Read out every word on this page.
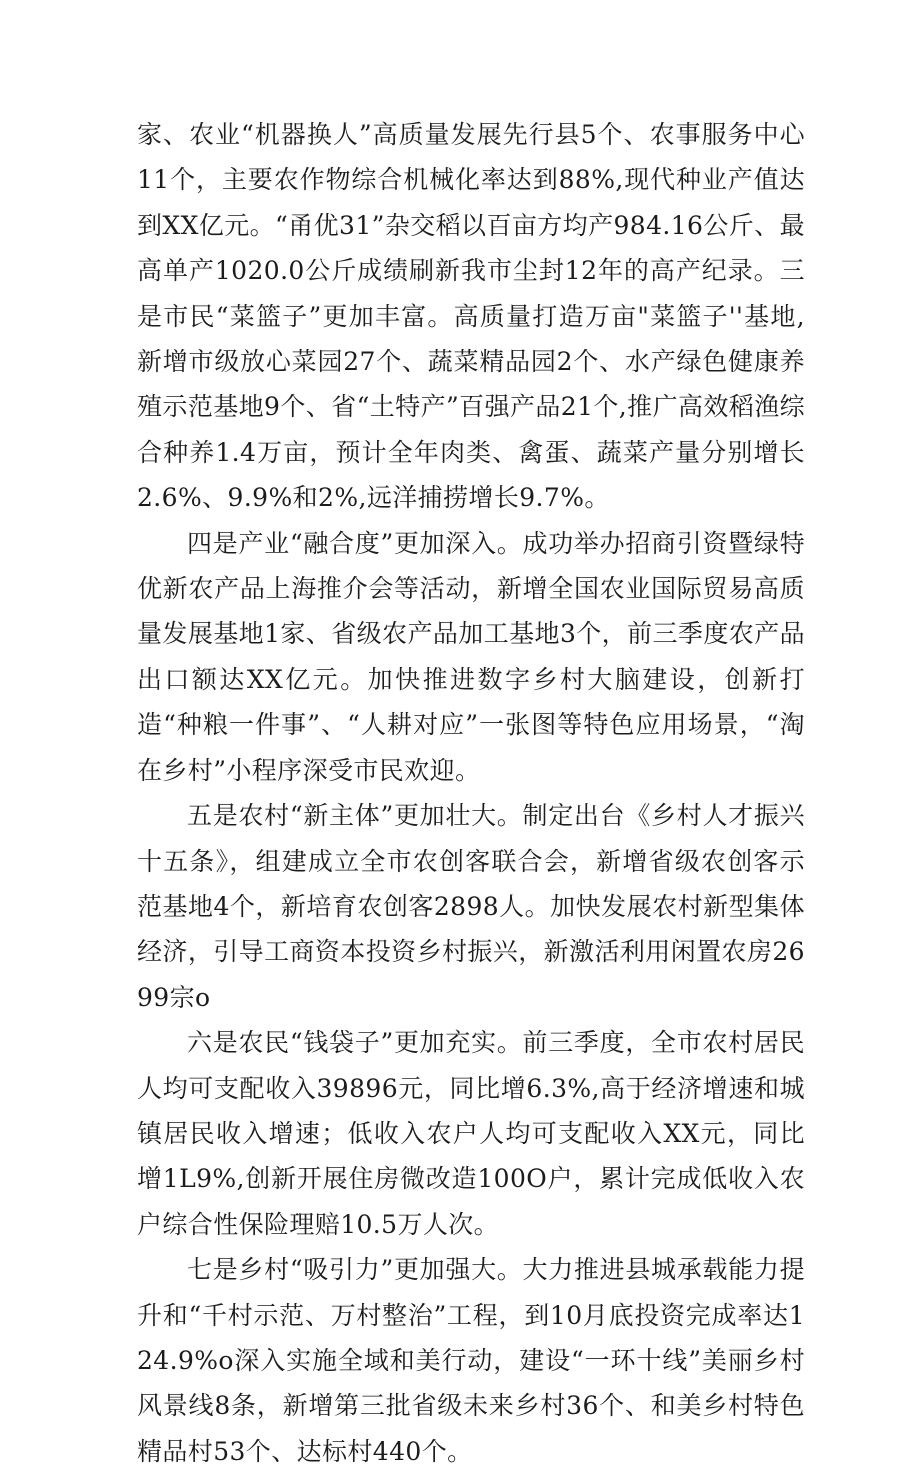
家、农业“机器换人”高质量发展先行县5个、农事服务中心11个，主要农作物综合机械化率达到88%,现代种业产值达到XX亿元。“甬优31”杂交稻以百亩方均产984.16公斤、最高单产1020.0公斤成绩刷新我市尘封12年的高产纪录。三是市民“菜篮子”更加丰富。高质量打造万亩"菜篮子''基地,新增市级放心菜园27个、蔬菜精品园2个、水产绿色健康养殖示范基地9个、省“土特产”百强产品21个,推广高效稻渔综合种养1.4万亩，预计全年肉类、禽蛋、蔬菜产量分别增长2.6%、9.9%和2%,远洋捕捞增长9.7%。

四是产业“融合度”更加深入。成功举办招商引资暨绿特优新农产品上海推介会等活动，新增全国农业国际贸易高质量发展基地1家、省级农产品加工基地3个，前三季度农产品出口额达XX亿元。加快推进数字乡村大脑建设，创新打造“种粮一件事”、“人耕对应”一张图等特色应用场景，“淘在乡村”小程序深受市民欢迎。

五是农村“新主体”更加壮大。制定出台《乡村人才振兴十五条》，组建成立全市农创客联合会，新增省级农创客示范基地4个，新培育农创客2898人。加快发展农村新型集体经济，引导工商资本投资乡村振兴，新激活利用闲置农房2699宗o

六是农民“钱袋子”更加充实。前三季度，全市农村居民人均可支配收入39896元，同比增6.3%,高于经济增速和城镇居民收入增速；低收入农户人均可支配收入XX元，同比增1L9%,创新开展住房微改造100O户，累计完成低收入农户综合性保险理赔10.5万人次。

七是乡村“吸引力”更加强大。大力推进县城承载能力提升和“千村示范、万村整治”工程，到10月底投资完成率达124.9%o深入实施全域和美行动，建设“一环十线”美丽乡村风景线8条，新增第三批省级未来乡村36个、和美乡村特色精品村53个、达标村440个。
